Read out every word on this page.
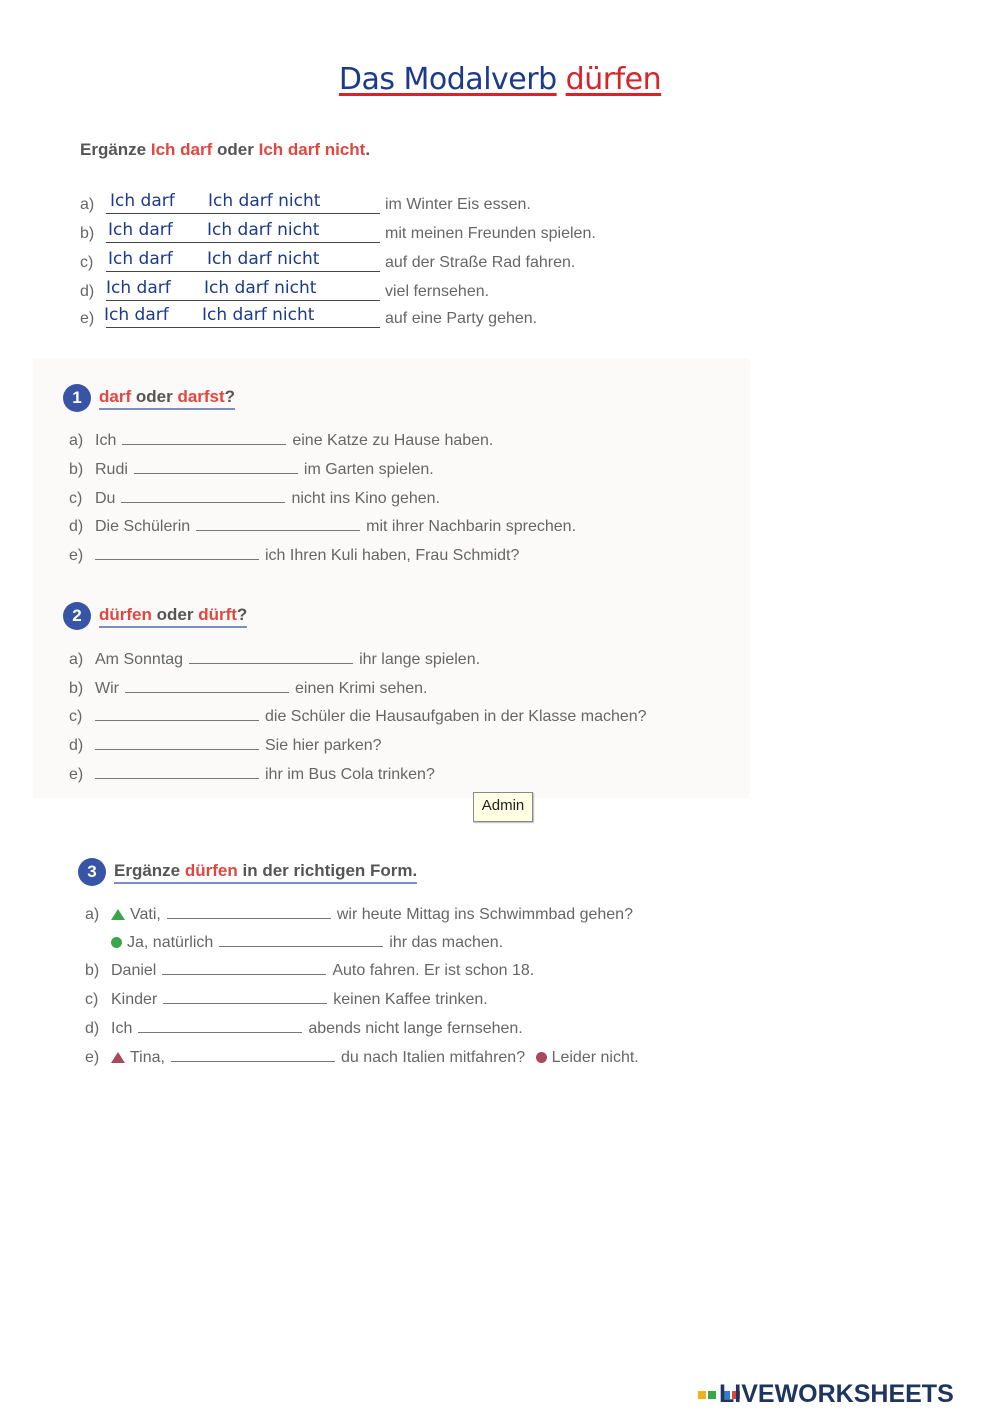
Das Modalverb dürfen
Ergänze Ich darf oder Ich darf nicht.
a) Ich darf Ich darf nicht	im Winter Eis essen.
b) Ich darf Ich darf nicht	mit meinen Freunden spielen.
c) Ich darf Ich darf nicht	auf der Straße Rad fahren.
d) Ich darf Ich darf nicht	viel fernsehen.
e) Ich darf Ich darf nicht	auf eine Party gehen.
1 darf oder darfst?
a) Ich	eine Katze zu Hause haben.
b) Rudi	im Garten spielen.
c) Du	nicht ins Kino gehen.
d) Die Schülerin	mit ihrer Nachbarin sprechen.
e)	ich Ihren Kuli haben, Frau Schmidt?
2 dürfen oder dürft?
a) Am Sonntag	ihr lange spielen.
b) Wir	einen Krimi sehen.
c)	die Schüler die Hausaufgaben in der Klasse machen?
d)	Sie hier parken?
e)	ihr im Bus Cola trinken?
Admin
3 Ergänze dürfen in der richtigen Form.
a) Vati,	wir heute Mittag ins Schwimmbad gehen?
Ja, natürlich	ihr das machen.
b) Daniel	Auto fahren. Er ist schon 18.
c) Kinder	keinen Kaffee trinken.
d) Ich	abends nicht lange fernsehen.
e) Tina,	du nach Italien mitfahren? Leider nicht.
LIVEWORKSHEETS
